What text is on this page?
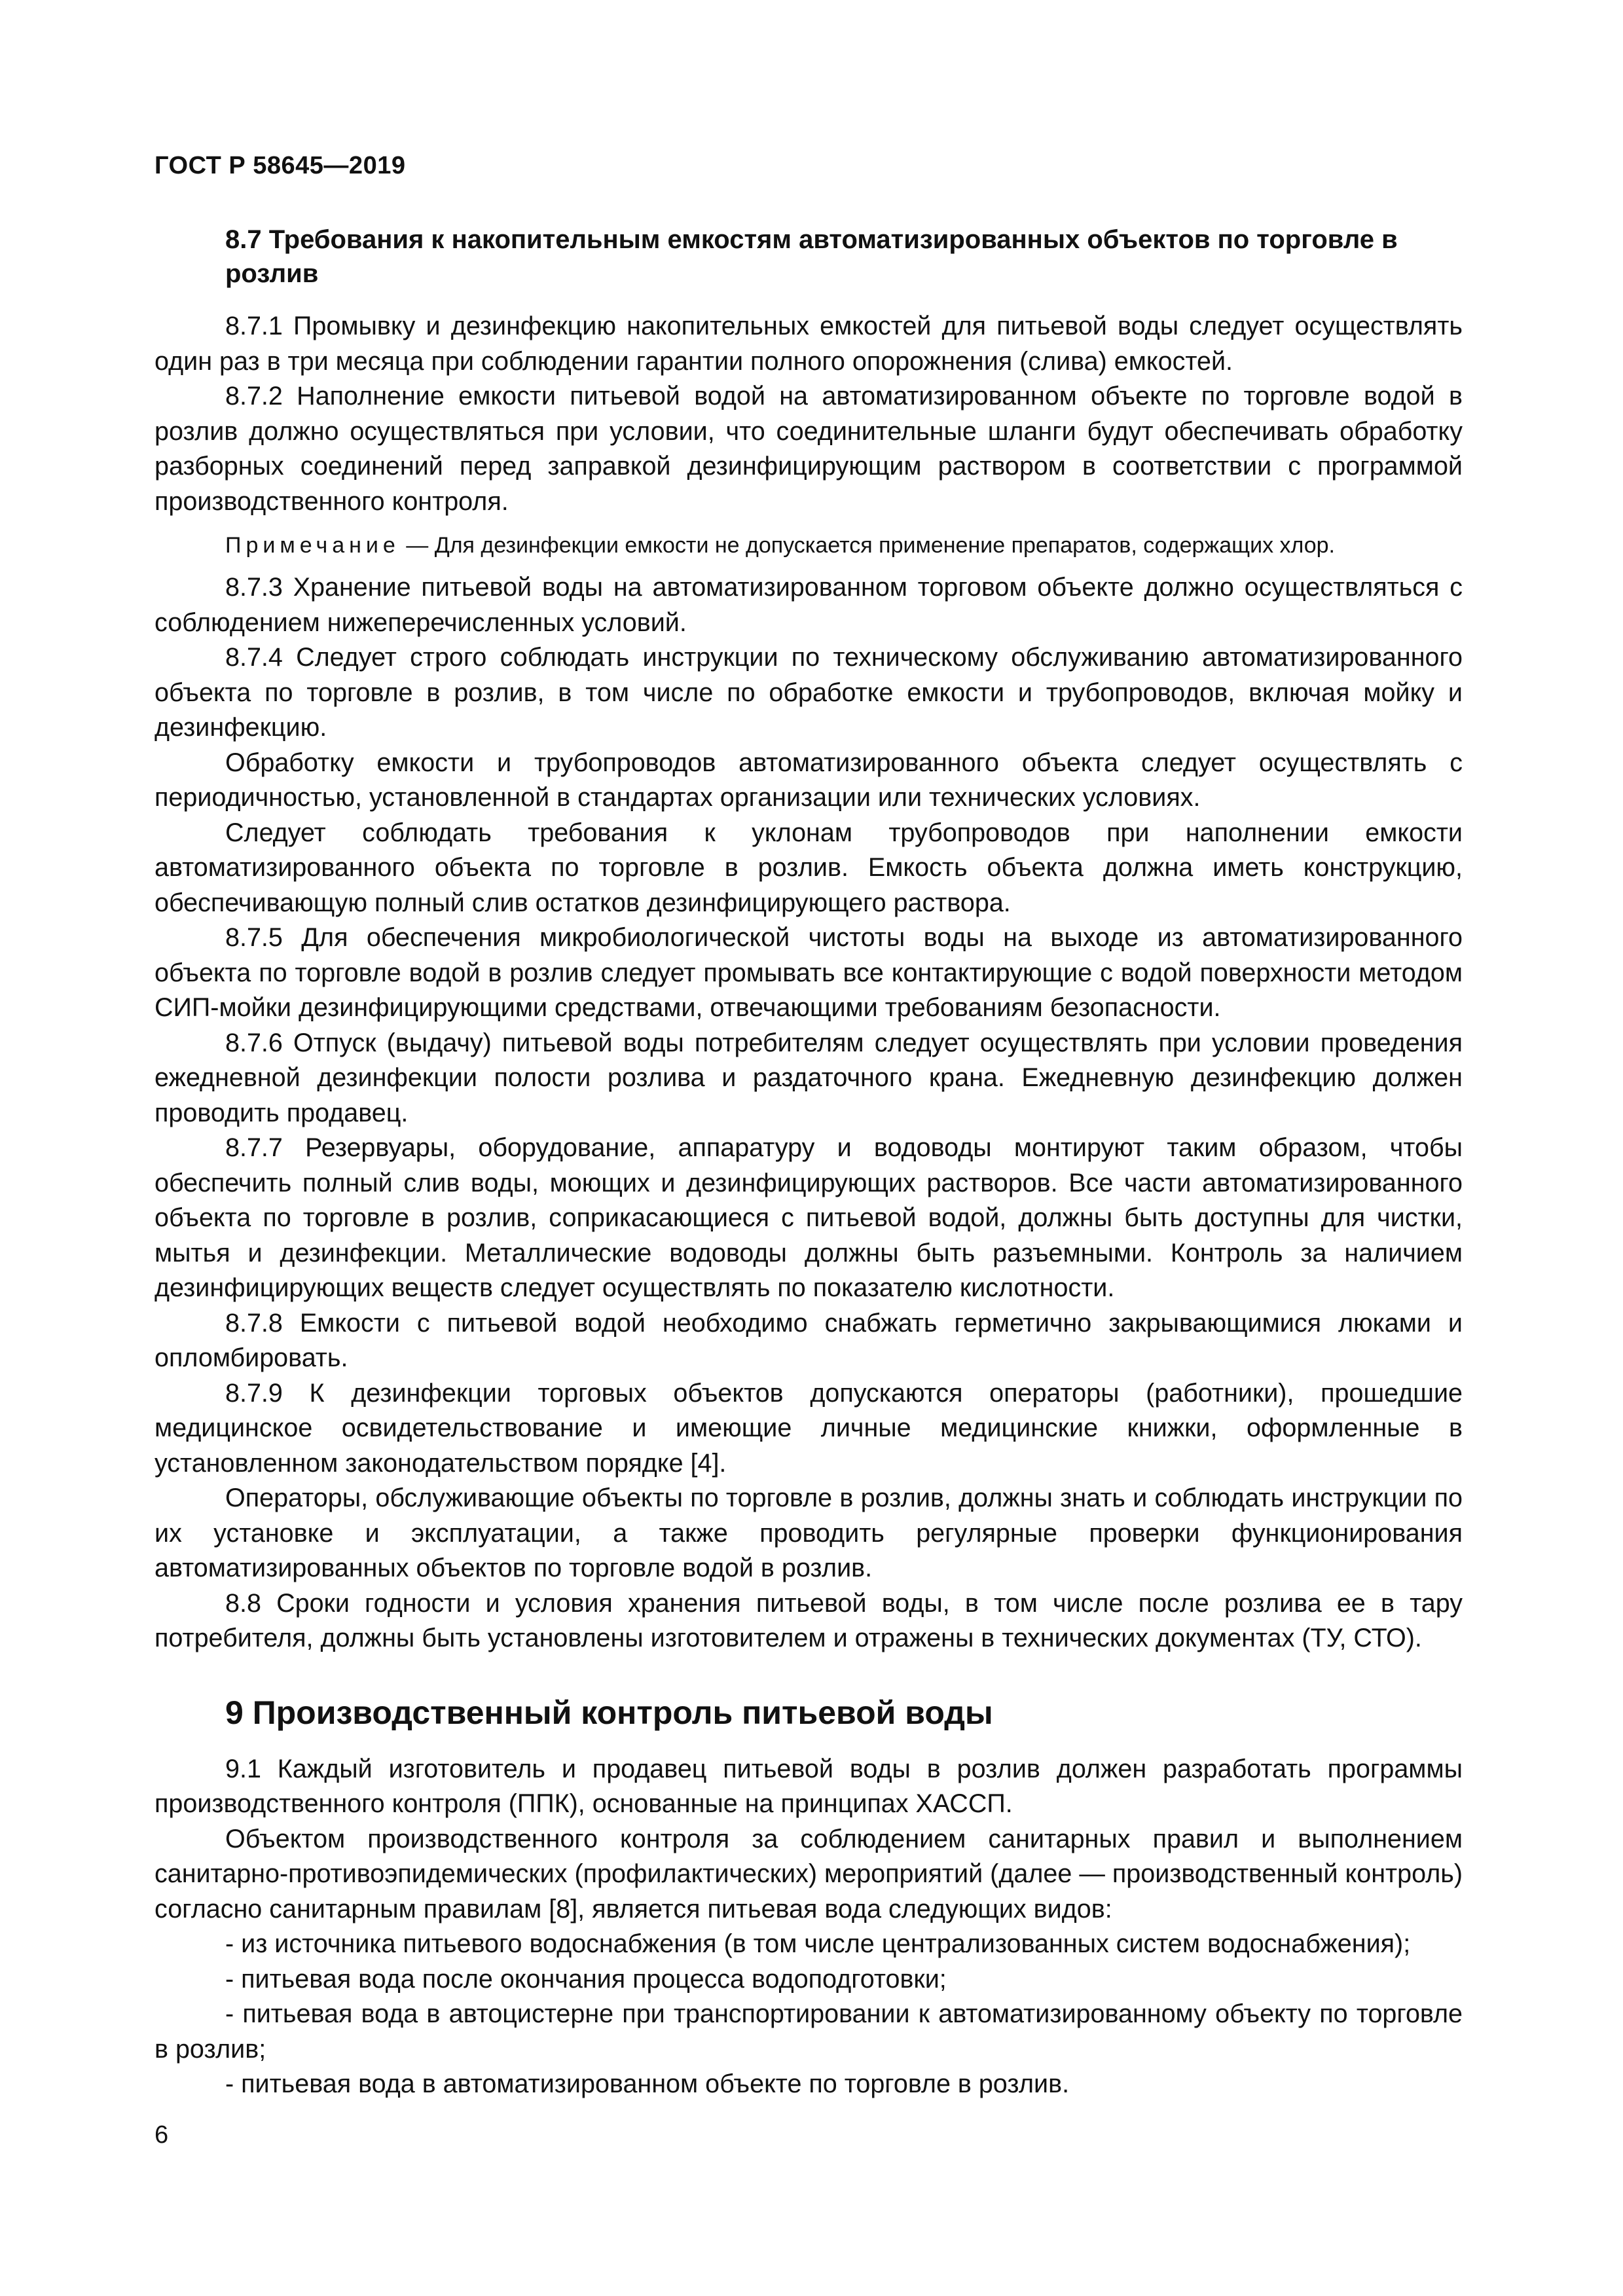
ГОСТ Р 58645—2019

8.7 Требования к накопительным емкостям автоматизированных объектов по торговле в розлив

8.7.1 Промывку и дезинфекцию накопительных емкостей для питьевой воды следует осуществлять один раз в три месяца при соблюдении гарантии полного опорожнения (слива) емкостей.

8.7.2 Наполнение емкости питьевой водой на автоматизированном объекте по торговле водой в розлив должно осуществляться при условии, что соединительные шланги будут обеспечивать обработку разборных соединений перед заправкой дезинфицирующим раствором в соответствии с программой производственного контроля.

Примечание — Для дезинфекции емкости не допускается применение препаратов, содержащих хлор.

8.7.3 Хранение питьевой воды на автоматизированном торговом объекте должно осуществляться с соблюдением нижеперечисленных условий.

8.7.4 Следует строго соблюдать инструкции по техническому обслуживанию автоматизированного объекта по торговле в розлив, в том числе по обработке емкости и трубопроводов, включая мойку и дезинфекцию.

Обработку емкости и трубопроводов автоматизированного объекта следует осуществлять с периодичностью, установленной в стандартах организации или технических условиях.

Следует соблюдать требования к уклонам трубопроводов при наполнении емкости автоматизированного объекта по торговле в розлив. Емкость объекта должна иметь конструкцию, обеспечивающую полный слив остатков дезинфицирующего раствора.

8.7.5 Для обеспечения микробиологической чистоты воды на выходе из автоматизированного объекта по торговле водой в розлив следует промывать все контактирующие с водой поверхности методом СИП-мойки дезинфицирующими средствами, отвечающими требованиям безопасности.

8.7.6 Отпуск (выдачу) питьевой воды потребителям следует осуществлять при условии проведения ежедневной дезинфекции полости розлива и раздаточного крана. Ежедневную дезинфекцию должен проводить продавец.

8.7.7 Резервуары, оборудование, аппаратуру и водоводы монтируют таким образом, чтобы обеспечить полный слив воды, моющих и дезинфицирующих растворов. Все части автоматизированного объекта по торговле в розлив, соприкасающиеся с питьевой водой, должны быть доступны для чистки, мытья и дезинфекции. Металлические водоводы должны быть разъемными. Контроль за наличием дезинфицирующих веществ следует осуществлять по показателю кислотности.

8.7.8 Емкости с питьевой водой необходимо снабжать герметично закрывающимися люками и опломбировать.

8.7.9 К дезинфекции торговых объектов допускаются операторы (работники), прошедшие медицинское освидетельствование и имеющие личные медицинские книжки, оформленные в установленном законодательством порядке [4].

Операторы, обслуживающие объекты по торговле в розлив, должны знать и соблюдать инструкции по их установке и эксплуатации, а также проводить регулярные проверки функционирования автоматизированных объектов по торговле водой в розлив.

8.8 Сроки годности и условия хранения питьевой воды, в том числе после розлива ее в тару потребителя, должны быть установлены изготовителем и отражены в технических документах (ТУ, СТО).

9 Производственный контроль питьевой воды

9.1 Каждый изготовитель и продавец питьевой воды в розлив должен разработать программы производственного контроля (ППК), основанные на принципах ХАССП.

Объектом производственного контроля за соблюдением санитарных правил и выполнением санитарно-противоэпидемических (профилактических) мероприятий (далее — производственный контроль) согласно санитарным правилам [8], является питьевая вода следующих видов:

- из источника питьевого водоснабжения (в том числе централизованных систем водоснабжения);

- питьевая вода после окончания процесса водоподготовки;

- питьевая вода в автоцистерне при транспортировании к автоматизированному объекту по торговле в розлив;

- питьевая вода в автоматизированном объекте по торговле в розлив.

6
